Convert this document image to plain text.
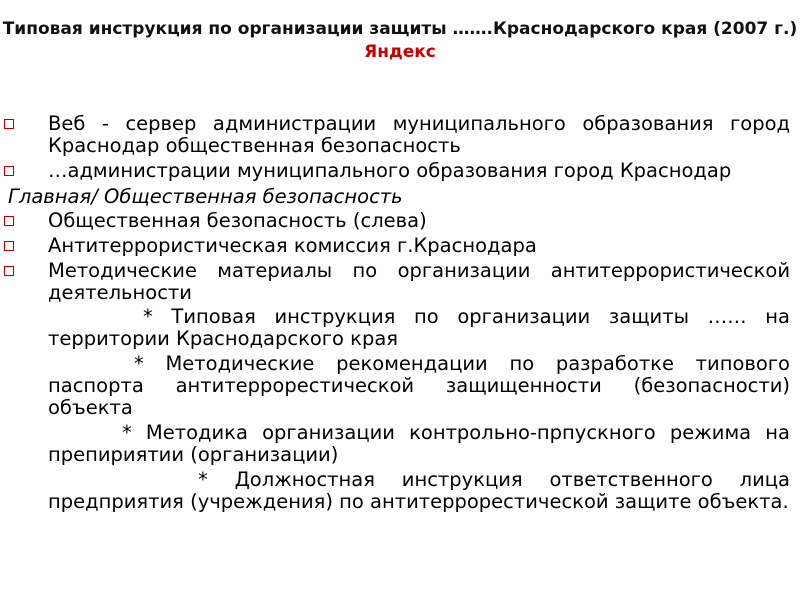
Типовая инструкция по организации защиты …….Краснодарского края (2007 г.)
Яндекс
Веб - сервер администрации муниципального образования город Краснодар общественная безопасность
…администрации муниципального образования город Краснодар
Главная/ Общественная безопасность
Общественная безопасность (слева)
Антитеррористическая комиссия г.Краснодара
Методические материалы по организации антитеррористической деятельности
* Типовая инструкция по организации защиты …… на территории Краснодарского края
* Методические рекомендации по разработке типового паспорта антитеррорестической защищенности (безопасности) объекта
* Методика организации контрольно-прпускного режима на препириятии (организации)
* Должностная инструкция ответственного лица предприятия (учреждения) по антитеррорестической защите объекта.
